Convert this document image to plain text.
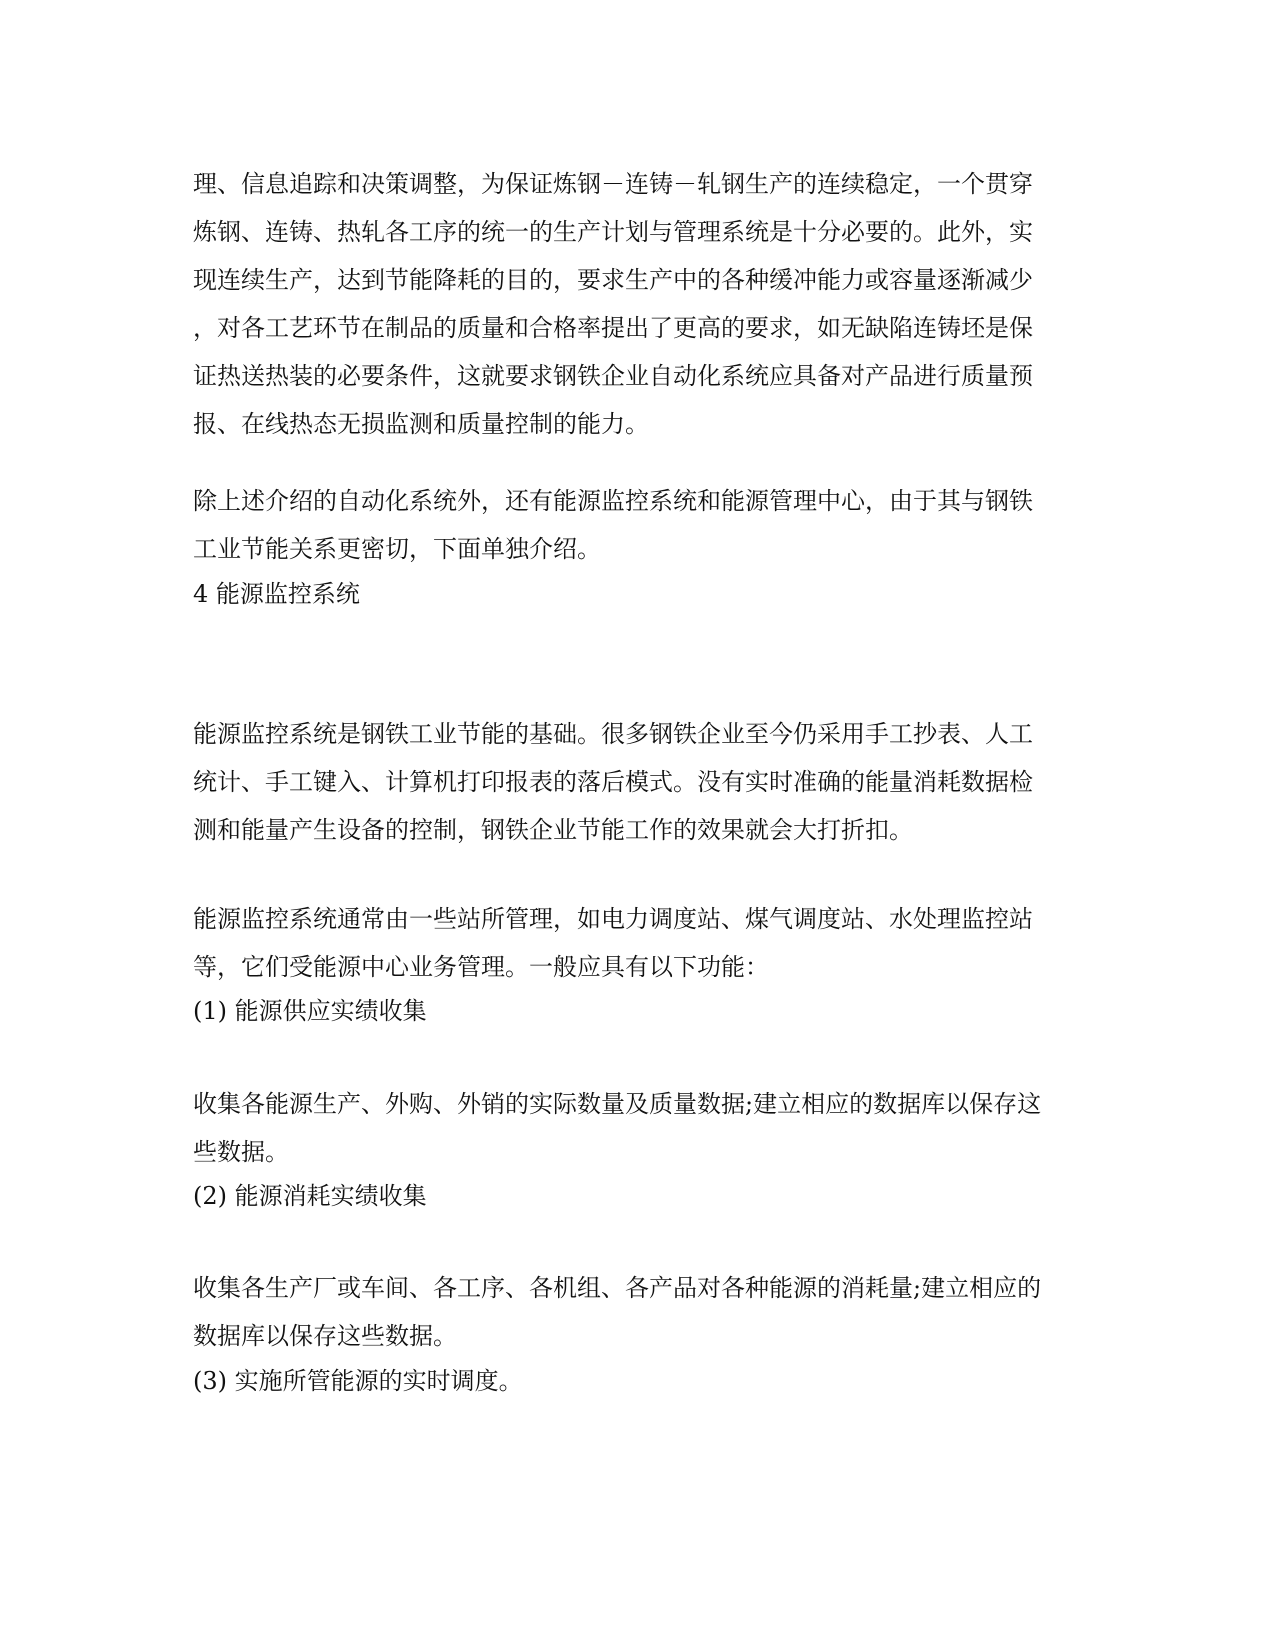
理、信息追踪和决策调整，为保证炼钢－连铸－轧钢生产的连续稳定，一个贯穿
炼钢、连铸、热轧各工序的统一的生产计划与管理系统是十分必要的。此外，实
现连续生产，达到节能降耗的目的，要求生产中的各种缓冲能力或容量逐渐减少
，对各工艺环节在制品的质量和合格率提出了更高的要求，如无缺陷连铸坯是保
证热送热装的必要条件，这就要求钢铁企业自动化系统应具备对产品进行质量预
报、在线热态无损监测和质量控制的能力。
除上述介绍的自动化系统外，还有能源监控系统和能源管理中心，由于其与钢铁
工业节能关系更密切，下面单独介绍。
4 能源监控系统
能源监控系统是钢铁工业节能的基础。很多钢铁企业至今仍采用手工抄表、人工
统计、手工键入、计算机打印报表的落后模式。没有实时准确的能量消耗数据检
测和能量产生设备的控制，钢铁企业节能工作的效果就会大打折扣。
能源监控系统通常由一些站所管理，如电力调度站、煤气调度站、水处理监控站
等，它们受能源中心业务管理。一般应具有以下功能：
(1) 能源供应实绩收集
收集各能源生产、外购、外销的实际数量及质量数据;建立相应的数据库以保存这
些数据。
(2) 能源消耗实绩收集
收集各生产厂或车间、各工序、各机组、各产品对各种能源的消耗量;建立相应的
数据库以保存这些数据。
(3) 实施所管能源的实时调度。
